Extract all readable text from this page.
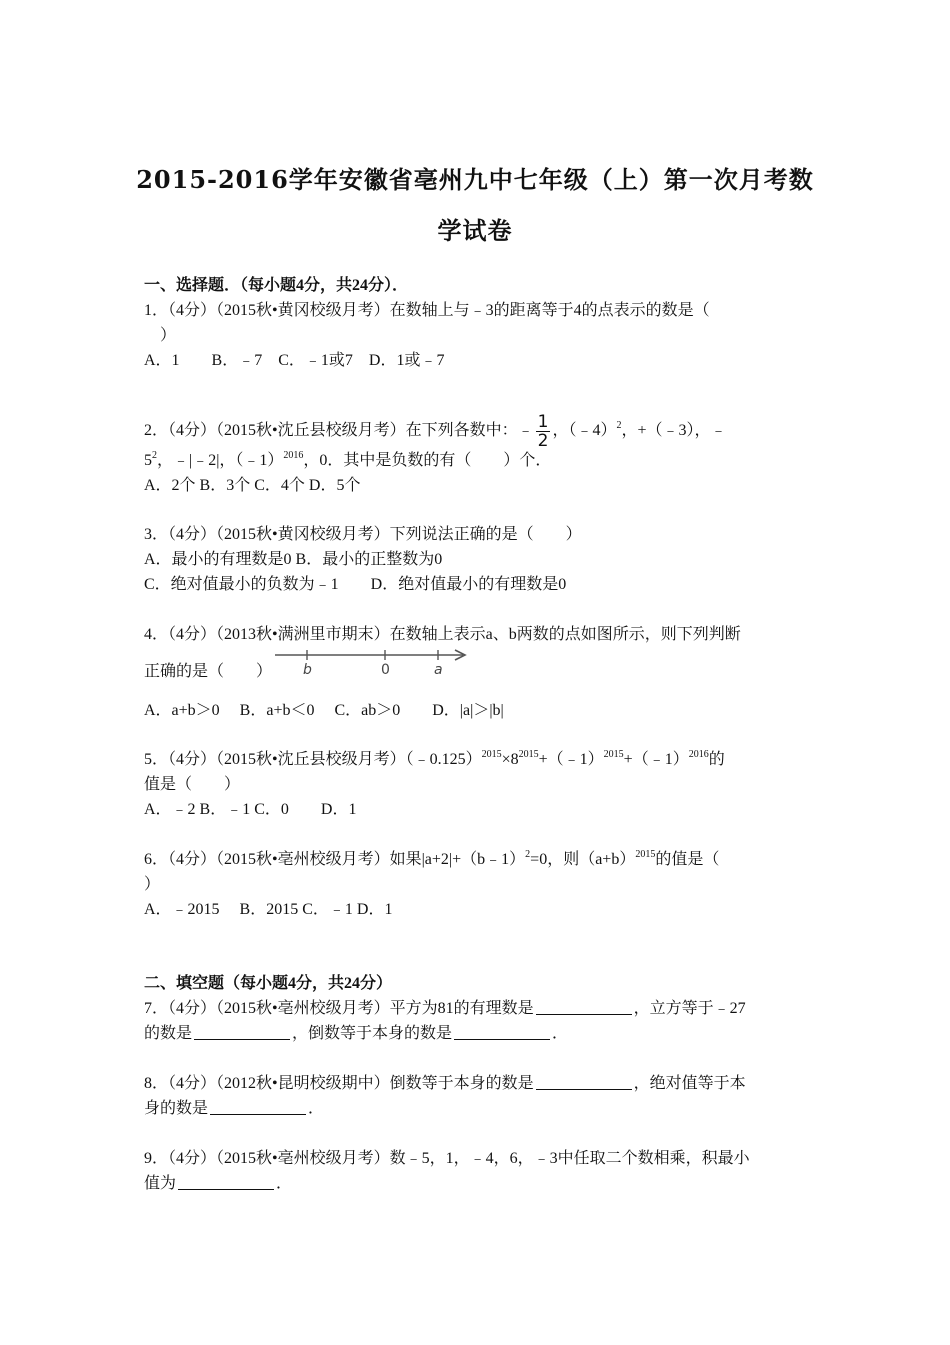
2015-2016学年安徽省亳州九中七年级（上）第一次月考数
学试卷
一、选择题．（每小题4分，共24分）．
1．（4分）（2015秋•黄冈校级月考）在数轴上与﹣3的距离等于4的点表示的数是（
）
A．1　　B．﹣7　C．﹣1或7　D．1或﹣7
2．（4分）（2015秋•沈丘县校级月考）在下列各数中：﹣ $\frac{1}{2}$ ，（﹣4）$^2$，+（﹣3），﹣
$5^2$，﹣|﹣2|，（﹣1）$^{2016}$，0．其中是负数的有（　　）个．
A．2个 B．3个 C．4个 D．5个
3．（4分）（2015秋•黄冈校级月考）下列说法正确的是（　　）
A．最小的有理数是0 B．最小的正整数为0
C．绝对值最小的负数为﹣1　　D．绝对值最小的有理数是0
4．（4分）（2013秋•满洲里市期末）在数轴上表示a、b两数的点如图所示，则下列判断
正确的是（　　） b	0	a
A．a+b＞0　 B．a+b＜0　 C．ab＞0　　D．|a|＞|b|
5．（4分）（2015秋•沈丘县校级月考）$(﹣0.125)^{2015}\times 8^{2015}+(﹣1)^{2015}+(﹣1)^{2016}$的
值是（　　）
A．﹣2 B．﹣1 C．0　　D．1
6．（4分）（2015秋•亳州校级月考）如果|a+2|+（b﹣1）$^2$=0，则$(a+b)^{2015}$的值是（
）
A．﹣2015　 B．2015 C．﹣1 D．1
二、填空题（每小题4分，共24分）
7．（4分）（2015秋•亳州校级月考）平方为81的有理数是	，立方等于﹣27
的数是	，倒数等于本身的数是	．
8．（4分）（2012秋•昆明校级期中）倒数等于本身的数是	，绝对值等于本
身的数是	．
9．（4分）（2015秋•亳州校级月考）数﹣5，1，﹣4，6，﹣3中任取二个数相乘，积最小
值为	．
